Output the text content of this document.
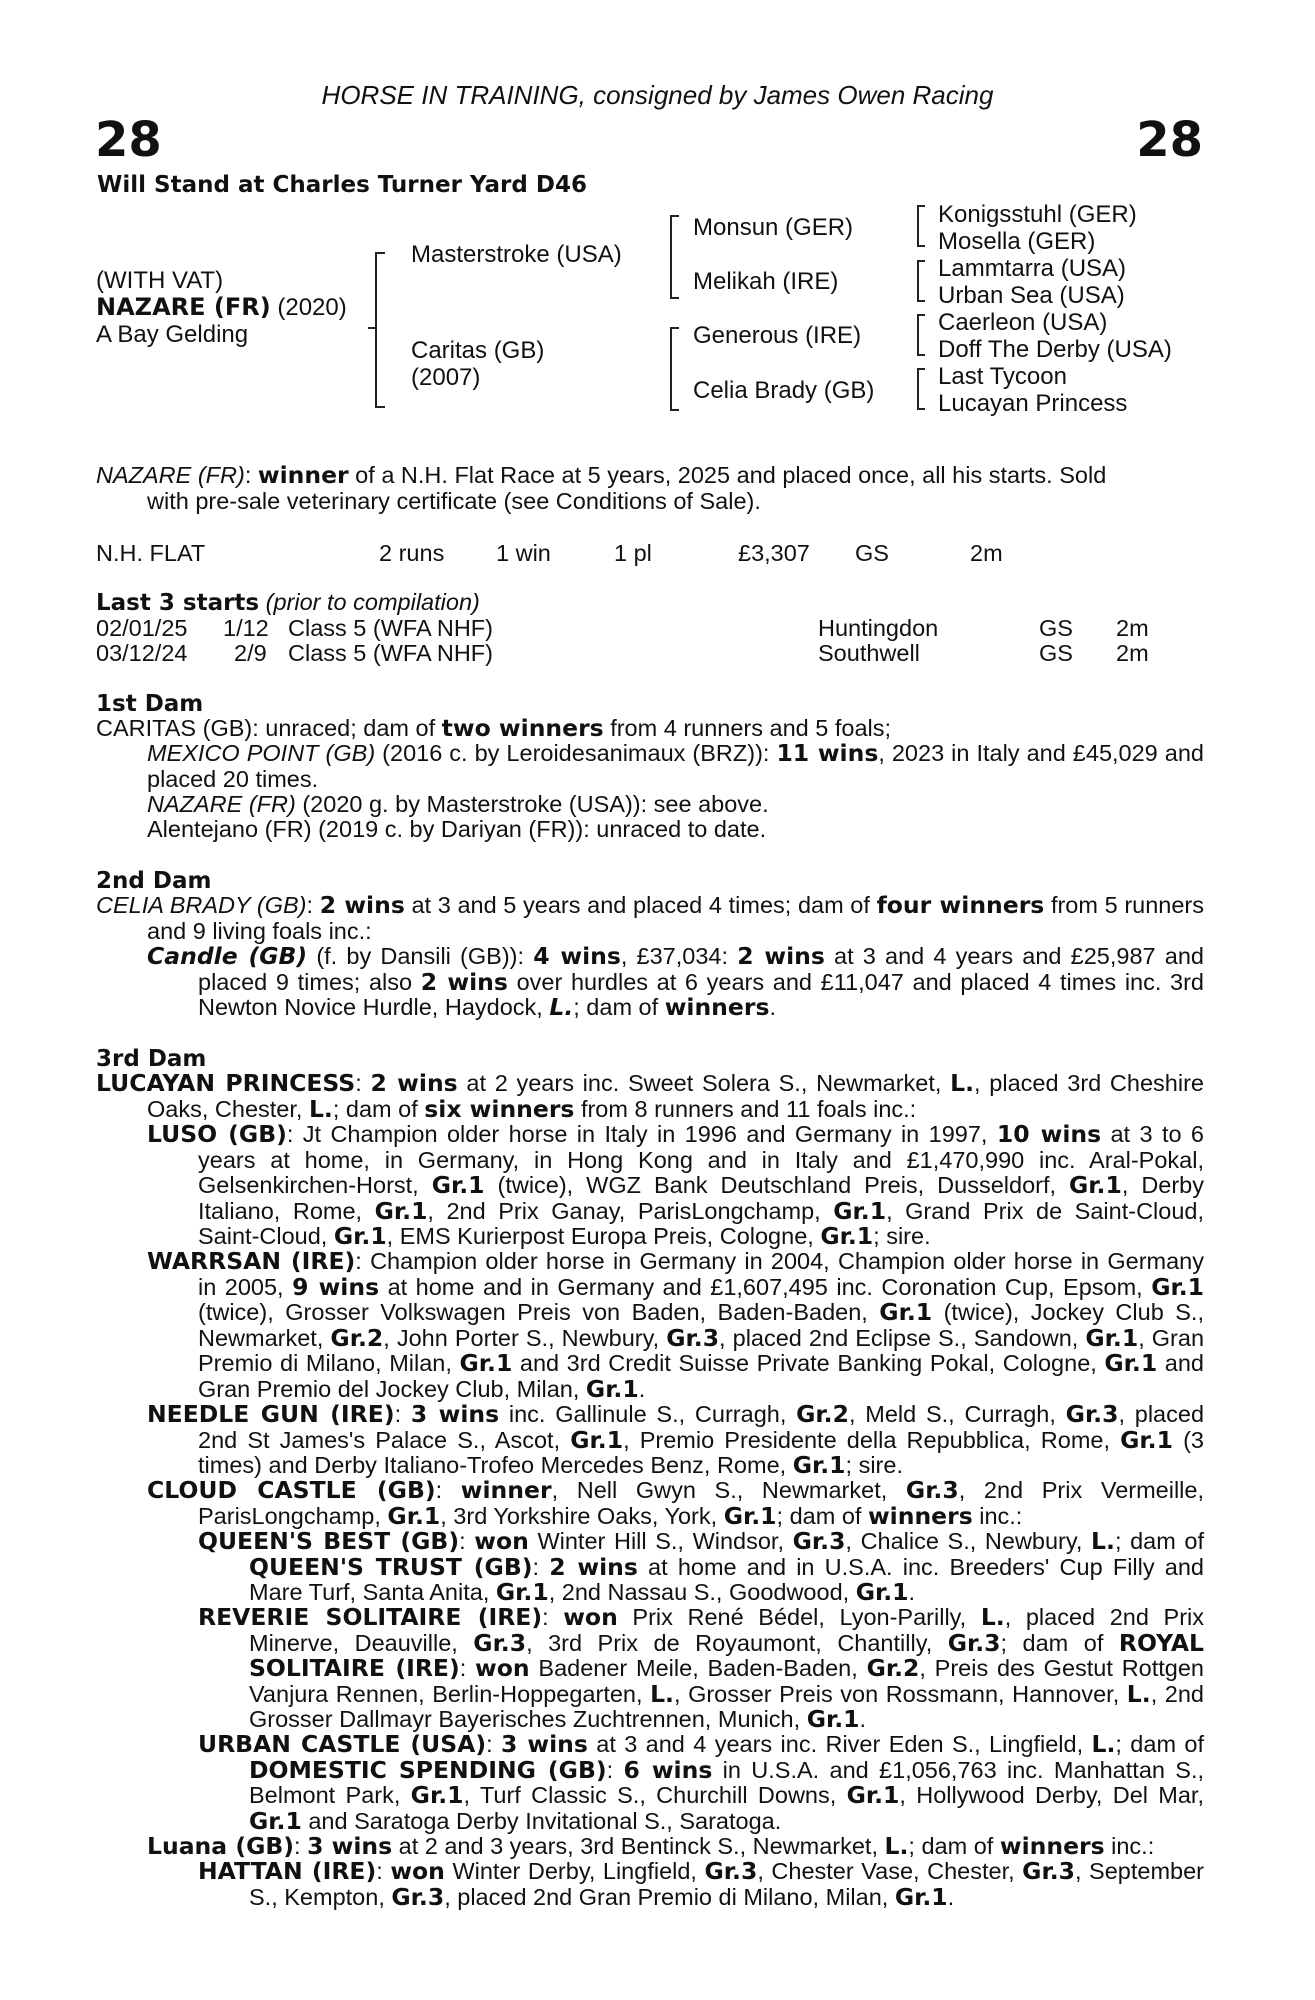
HORSE IN TRAINING, consigned by James Owen Racing
28	28
Will Stand at Charles Turner Yard D46
(WITH VAT)
NAZARE (FR) (2020)
A Bay Gelding
Masterstroke (USA)
Caritas (GB)
(2007)
Monsun (GER)
Melikah (IRE)
Generous (IRE)
Celia Brady (GB)
Konigsstuhl (GER)
Mosella (GER)
Lammtarra (USA)
Urban Sea (USA)
Caerleon (USA)
Doff The Derby (USA)
Last Tycoon
Lucayan Princess
NAZARE (FR): winner of a N.H. Flat Race at 5 years, 2025 and placed once, all his starts. Sold
with pre-sale veterinary certificate (see Conditions of Sale).
N.H. FLAT	2 runs 1 win	1 pl	£3,307 GS	2m
Last 3 starts (prior to compilation)
02/01/25 1/12 Class 5 (WFA NHF)	Huntingdon	GS 2m
03/12/24 2/9 Class 5 (WFA NHF)	Southwell	GS 2m
1st Dam
CARITAS (GB): unraced; dam of two winners from 4 runners and 5 foals;
MEXICO POINT (GB) (2016 c. by Leroidesanimaux (BRZ)): 11 wins, 2023 in Italy and £45,029 and placed 20 times.
NAZARE (FR) (2020 g. by Masterstroke (USA)): see above.
Alentejano (FR) (2019 c. by Dariyan (FR)): unraced to date.
2nd Dam
CELIA BRADY (GB): 2 wins at 3 and 5 years and placed 4 times; dam of four winners from 5 runners and 9 living foals inc.:
Candle (GB) (f. by Dansili (GB)): 4 wins, £37,034: 2 wins at 3 and 4 years and £25,987 and placed 9 times; also 2 wins over hurdles at 6 years and £11,047 and placed 4 times inc. 3rd Newton Novice Hurdle, Haydock, L.; dam of winners.
3rd Dam
LUCAYAN PRINCESS: 2 wins at 2 years inc. Sweet Solera S., Newmarket, L., placed 3rd Cheshire Oaks, Chester, L.; dam of six winners from 8 runners and 11 foals inc.:
LUSO (GB): Jt Champion older horse in Italy in 1996 and Germany in 1997, 10 wins at 3 to 6 years at home, in Germany, in Hong Kong and in Italy and £1,470,990 inc. Aral-Pokal, Gelsenkirchen-Horst, Gr.1 (twice), WGZ Bank Deutschland Preis, Dusseldorf, Gr.1, Derby Italiano, Rome, Gr.1, 2nd Prix Ganay, ParisLongchamp, Gr.1, Grand Prix de Saint-Cloud, Saint-Cloud, Gr.1, EMS Kurierpost Europa Preis, Cologne, Gr.1; sire.
WARRSAN (IRE): Champion older horse in Germany in 2004, Champion older horse in Germany in 2005, 9 wins at home and in Germany and £1,607,495 inc. Coronation Cup, Epsom, Gr.1 (twice), Grosser Volkswagen Preis von Baden, Baden-Baden, Gr.1 (twice), Jockey Club S., Newmarket, Gr.2, John Porter S., Newbury, Gr.3, placed 2nd Eclipse S., Sandown, Gr.1, Gran Premio di Milano, Milan, Gr.1 and 3rd Credit Suisse Private Banking Pokal, Cologne, Gr.1 and Gran Premio del Jockey Club, Milan, Gr.1.
NEEDLE GUN (IRE): 3 wins inc. Gallinule S., Curragh, Gr.2, Meld S., Curragh, Gr.3, placed 2nd St James's Palace S., Ascot, Gr.1, Premio Presidente della Repubblica, Rome, Gr.1 (3 times) and Derby Italiano-Trofeo Mercedes Benz, Rome, Gr.1; sire.
CLOUD CASTLE (GB): winner, Nell Gwyn S., Newmarket, Gr.3, 2nd Prix Vermeille, ParisLongchamp, Gr.1, 3rd Yorkshire Oaks, York, Gr.1; dam of winners inc.:
QUEEN'S BEST (GB): won Winter Hill S., Windsor, Gr.3, Chalice S., Newbury, L.; dam of QUEEN'S TRUST (GB): 2 wins at home and in U.S.A. inc. Breeders' Cup Filly and Mare Turf, Santa Anita, Gr.1, 2nd Nassau S., Goodwood, Gr.1.
REVERIE SOLITAIRE (IRE): won Prix René Bédel, Lyon-Parilly, L., placed 2nd Prix Minerve, Deauville, Gr.3, 3rd Prix de Royaumont, Chantilly, Gr.3; dam of ROYAL SOLITAIRE (IRE): won Badener Meile, Baden-Baden, Gr.2, Preis des Gestut Rottgen Vanjura Rennen, Berlin-Hoppegarten, L., Grosser Preis von Rossmann, Hannover, L., 2nd Grosser Dallmayr Bayerisches Zuchtrennen, Munich, Gr.1.
URBAN CASTLE (USA): 3 wins at 3 and 4 years inc. River Eden S., Lingfield, L.; dam of DOMESTIC SPENDING (GB): 6 wins in U.S.A. and £1,056,763 inc. Manhattan S., Belmont Park, Gr.1, Turf Classic S., Churchill Downs, Gr.1, Hollywood Derby, Del Mar, Gr.1 and Saratoga Derby Invitational S., Saratoga.
Luana (GB): 3 wins at 2 and 3 years, 3rd Bentinck S., Newmarket, L.; dam of winners inc.:
HATTAN (IRE): won Winter Derby, Lingfield, Gr.3, Chester Vase, Chester, Gr.3, September S., Kempton, Gr.3, placed 2nd Gran Premio di Milano, Milan, Gr.1.
